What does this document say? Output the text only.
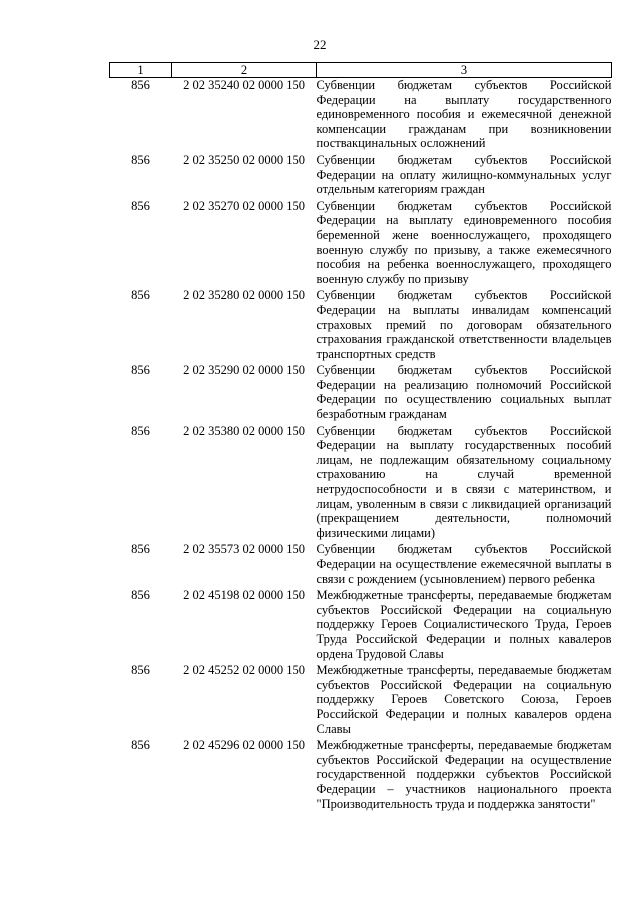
22
1	2	3
856	2 02 35240 02 0000 150	Субвенции бюджетам субъектов Российской Федерации на выплату государственного единовременного пособия и ежемесячной денежной компенсации гражданам при возникновении поствакцинальных осложнений
856	2 02 35250 02 0000 150	Субвенции бюджетам субъектов Российской Федерации на оплату жилищно-коммунальных услуг отдельным категориям граждан
856	2 02 35270 02 0000 150	Субвенции бюджетам субъектов Российской Федерации на выплату единовременного пособия беременной жене военнослужащего, проходящего военную службу по призыву, а также ежемесячного пособия на ребенка военнослужащего, проходящего военную службу по призыву
856	2 02 35280 02 0000 150	Субвенции бюджетам субъектов Российской Федерации на выплаты инвалидам компенсаций страховых премий по договорам обязательного страхования гражданской ответственности владельцев транспортных средств
856	2 02 35290 02 0000 150	Субвенции бюджетам субъектов Российской Федерации на реализацию полномочий Российской Федерации по осуществлению социальных выплат безработным гражданам
856	2 02 35380 02 0000 150	Субвенции бюджетам субъектов Российской Федерации на выплату государственных пособий лицам, не подлежащим обязательному социальному страхованию на случай временной нетрудоспособности и в связи с материнством, и лицам, уволенным в связи с ликвидацией организаций (прекращением деятельности, полномочий физическими лицами)
856	2 02 35573 02 0000 150	Субвенции бюджетам субъектов Российской Федерации на осуществление ежемесячной выплаты в связи с рождением (усыновлением) первого ребенка
856	2 02 45198 02 0000 150	Межбюджетные трансферты, передаваемые бюджетам субъектов Российской Федерации на социальную поддержку Героев Социалистического Труда, Героев Труда Российской Федерации и полных кавалеров ордена Трудовой Славы
856	2 02 45252 02 0000 150	Межбюджетные трансферты, передаваемые бюджетам субъектов Российской Федерации на социальную поддержку Героев Советского Союза, Героев Российской Федерации и полных кавалеров ордена Славы
856	2 02 45296 02 0000 150	Межбюджетные трансферты, передаваемые бюджетам субъектов Российской Федерации на осуществление государственной поддержки субъектов Российской Федерации – участников национального проекта "Производительность труда и поддержка занятости"
